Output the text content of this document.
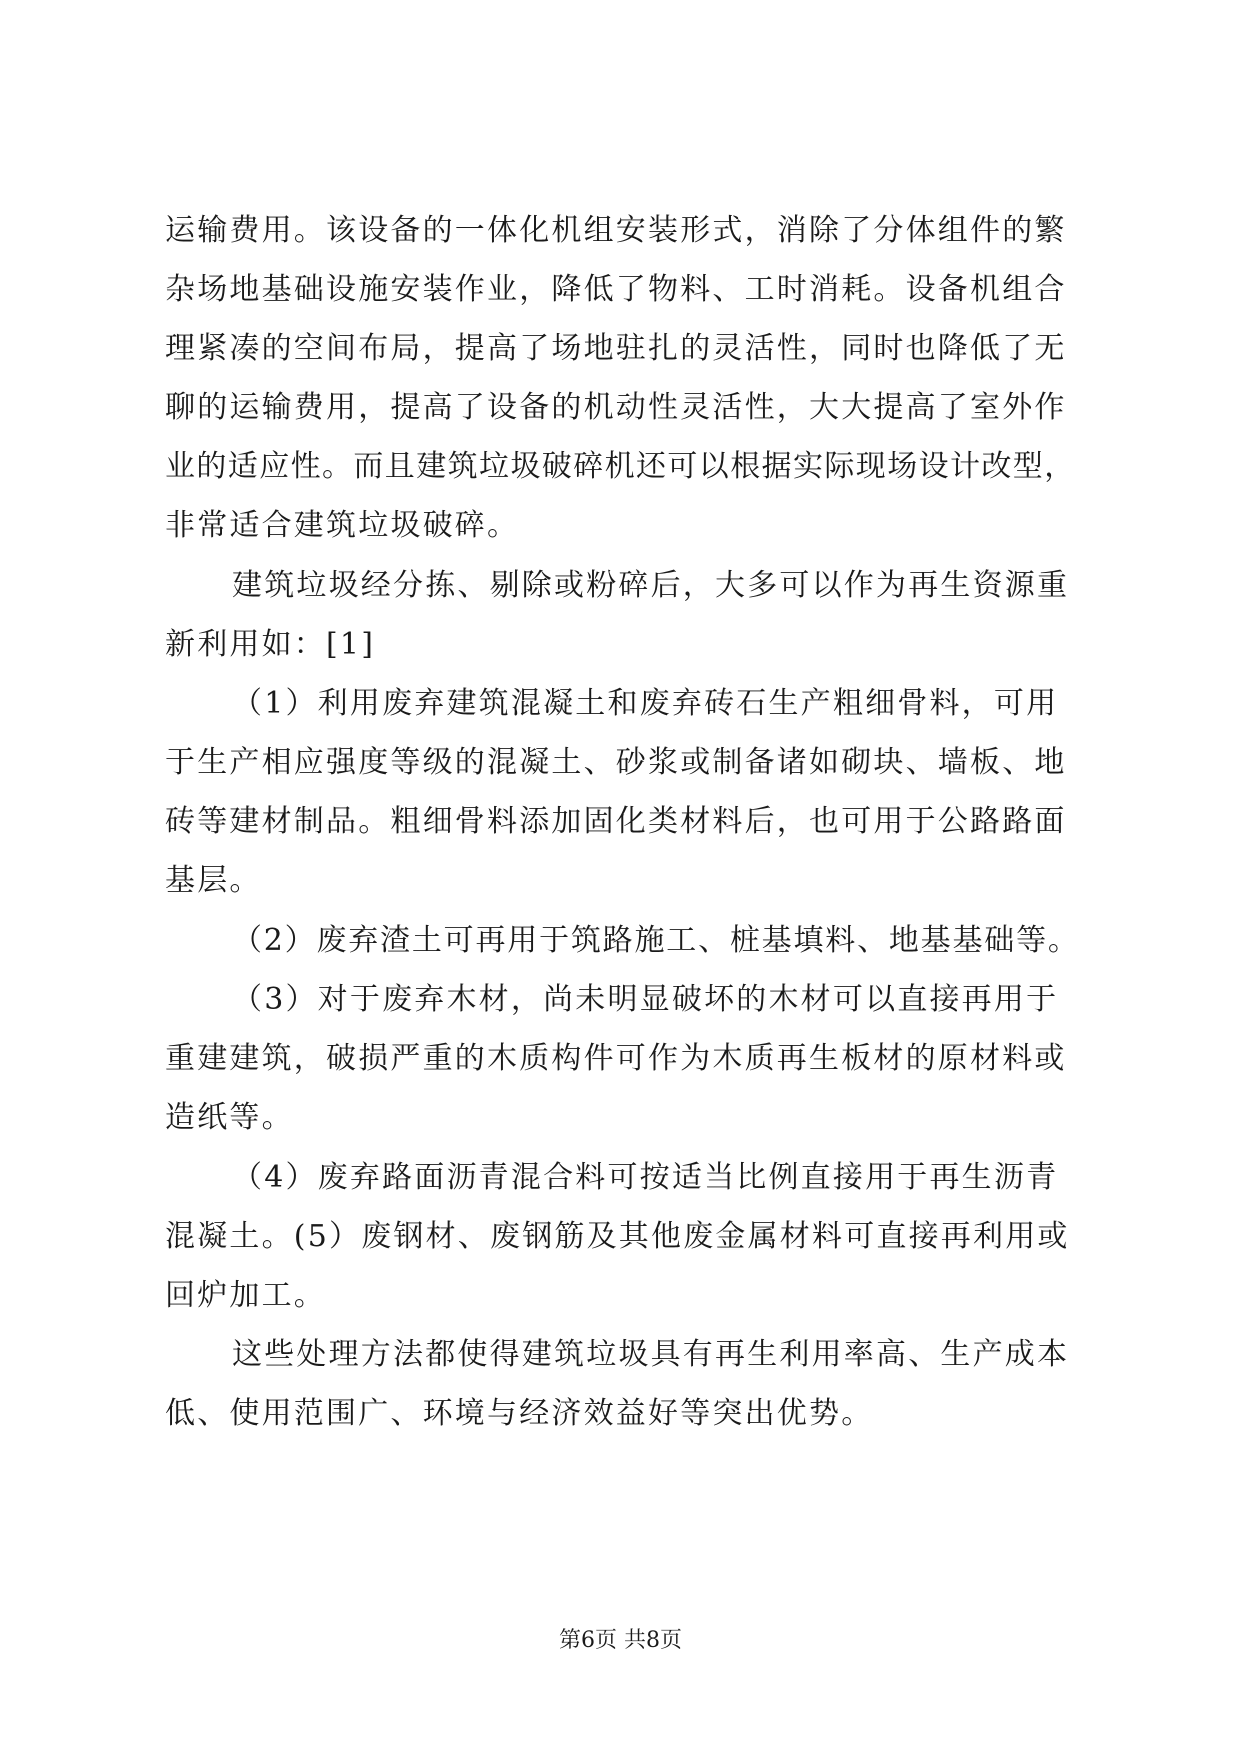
运输费用。该设备的一体化机组安装形式，消除了分体组件的繁
杂场地基础设施安装作业，降低了物料、工时消耗。设备机组合
理紧凑的空间布局，提高了场地驻扎的灵活性，同时也降低了无
聊的运输费用，提高了设备的机动性灵活性，大大提高了室外作
业的适应性。而且建筑垃圾破碎机还可以根据实际现场设计改型，
非常适合建筑垃圾破碎。
建筑垃圾经分拣、剔除或粉碎后，大多可以作为再生资源重
新利用如：[1]
（1）利用废弃建筑混凝土和废弃砖石生产粗细骨料，可用
于生产相应强度等级的混凝土、砂浆或制备诸如砌块、墙板、地
砖等建材制品。粗细骨料添加固化类材料后，也可用于公路路面
基层。
（2）废弃渣土可再用于筑路施工、桩基填料、地基基础等。
（3）对于废弃木材，尚未明显破坏的木材可以直接再用于
重建建筑，破损严重的木质构件可作为木质再生板材的原材料或
造纸等。
（4）废弃路面沥青混合料可按适当比例直接用于再生沥青
混凝土。(5）废钢材、废钢筋及其他废金属材料可直接再利用或
回炉加工。
这些处理方法都使得建筑垃圾具有再生利用率高、生产成本
低、使用范围广、环境与经济效益好等突出优势。
第6页 共8页
